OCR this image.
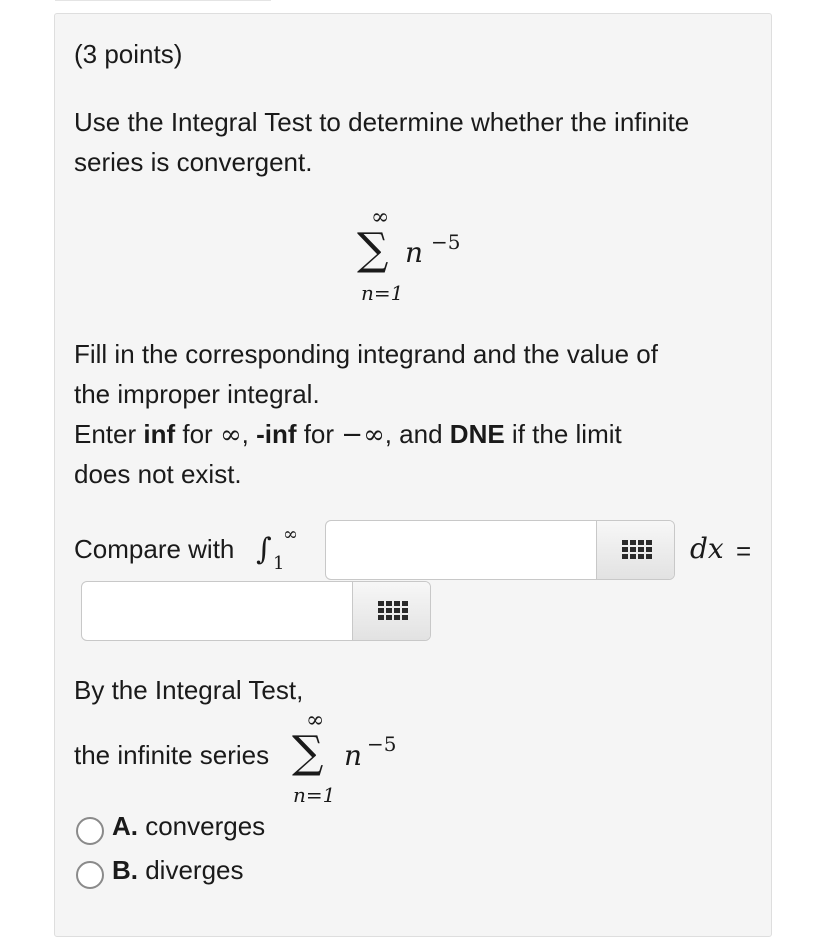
(3 points)
Use the Integral Test to determine whether the infinite
series is convergent.
∞
∑ n −5
n=1
Fill in the corresponding integrand and the value of
the improper integral.
Enter inf for ∞, -inf for −∞, and DNE if the limit
does not exist.
Compare with ∫ ∞
1	dx =
By the Integral Test,
the infinite series
∞
∑ n −5
n=1
A. converges
B. diverges
